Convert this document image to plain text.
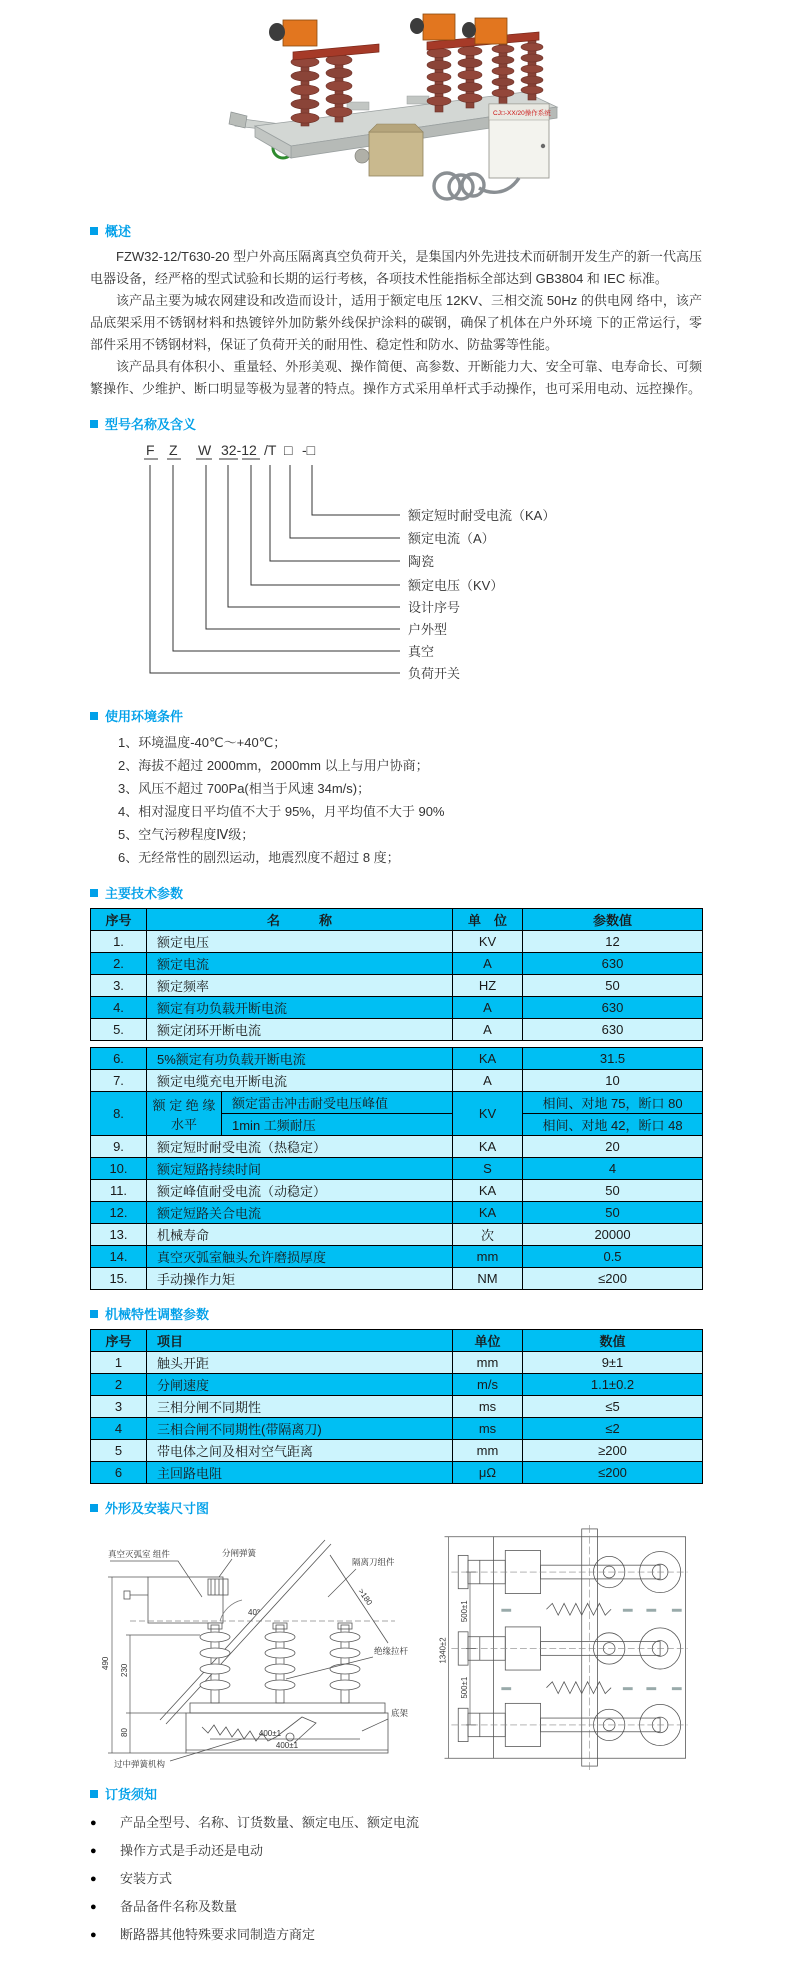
CJ□-XX/20操作系统
概述

FZW32-12/T630-20 型户外高压隔离真空负荷开关，是集国内外先进技术而研制开发生产的新一代高压电器设备，经严格的型式试验和长期的运行考核，各项技术性能指标全部达到 GB3804 和 IEC 标准。

该产品主要为城农网建设和改造而设计，适用于额定电压 12KV、三相交流 50Hz 的供电网 络中，该产品底架采用不锈钢材料和热镀锌外加防紫外线保护涂料的碳钢，确保了机体在户外环境 下的正常运行，零部件采用不锈钢材料，保证了负荷开关的耐用性、稳定性和防水、防盐雾等性能。

该产品具有体积小、重量轻、外形美观、操作简便、高参数、开断能力大、安全可靠、电寿命长、可频繁操作、少维护、断口明显等极为显著的特点。操作方式采用单杆式手动操作，也可采用电动、远控操作。

型号名称及含义
F Z W 32-12 /T □ -□
额定短时耐受电流（KA）
额定电流（A）
陶瓷
额定电压（KV）
设计序号
户外型
真空
负荷开关
使用环境条件
1、环境温度-40℃～+40℃；
2、海拔不超过 2000mm，2000mm 以上与用户协商；
3、风压不超过 700Pa(相当于风速 34m/s)；
4、相对湿度日平均值不大于 95%，月平均值不大于 90%
5、空气污秽程度Ⅳ级；
6、无经常性的剧烈运动，地震烈度不超过 8 度；
主要技术参数
序号	名　　　称	单　位	参数值
1.	额定电压	KV	12
2.	额定电流	A	630
3.	额定频率	HZ	50
4.	额定有功负载开断电流	A	630
5.	额定闭环开断电流	A	630
6.	5%额定有功负载开断电流		KA	31.5
7.	额定电缆充电开断电流		A	10
8.	额 定 绝 缘水平	额定雷击冲击耐受电压峰值	KV	相间、对地 75，断口 80
		1min 工频耐压		相间、对地 42，断口 48
9.	额定短时耐受电流（热稳定）		KA	20
10.	额定短路持续时间		S	4
11.	额定峰值耐受电流（动稳定）		KA	50
12.	额定短路关合电流		KA	50
13.	机械寿命		次	20000
14.	真空灭弧室触头允许磨损厚度		mm	0.5
15.	手动操作力矩		NM	≤200
机械特性调整参数
序号	项目	单位	数值
1	触头开距	mm	9±1
2	分闸速度	m/s	1.1±0.2
3	三相分闸不同期性	ms	≤5
4	三相合闸不同期性(带隔离刀)	ms	≤2
5	带电体之间及相对空气距离	mm	≥200
6	主回路电阻	μΩ	≤200
外形及安装尺寸图
490
230
80	400±1
400±1
40°
>180
真空灭弧室 组件	分闸弹簧
隔离刀组件
绝缘拉杆
底架
过中弹簧机构
1340±2
500±1
500±1
订货须知
●	产品全型号、名称、订货数量、额定电压、额定电流
●	操作方式是手动还是电动
●	安装方式
●	备品备件名称及数量
●	断路器其他特殊要求同制造方商定
